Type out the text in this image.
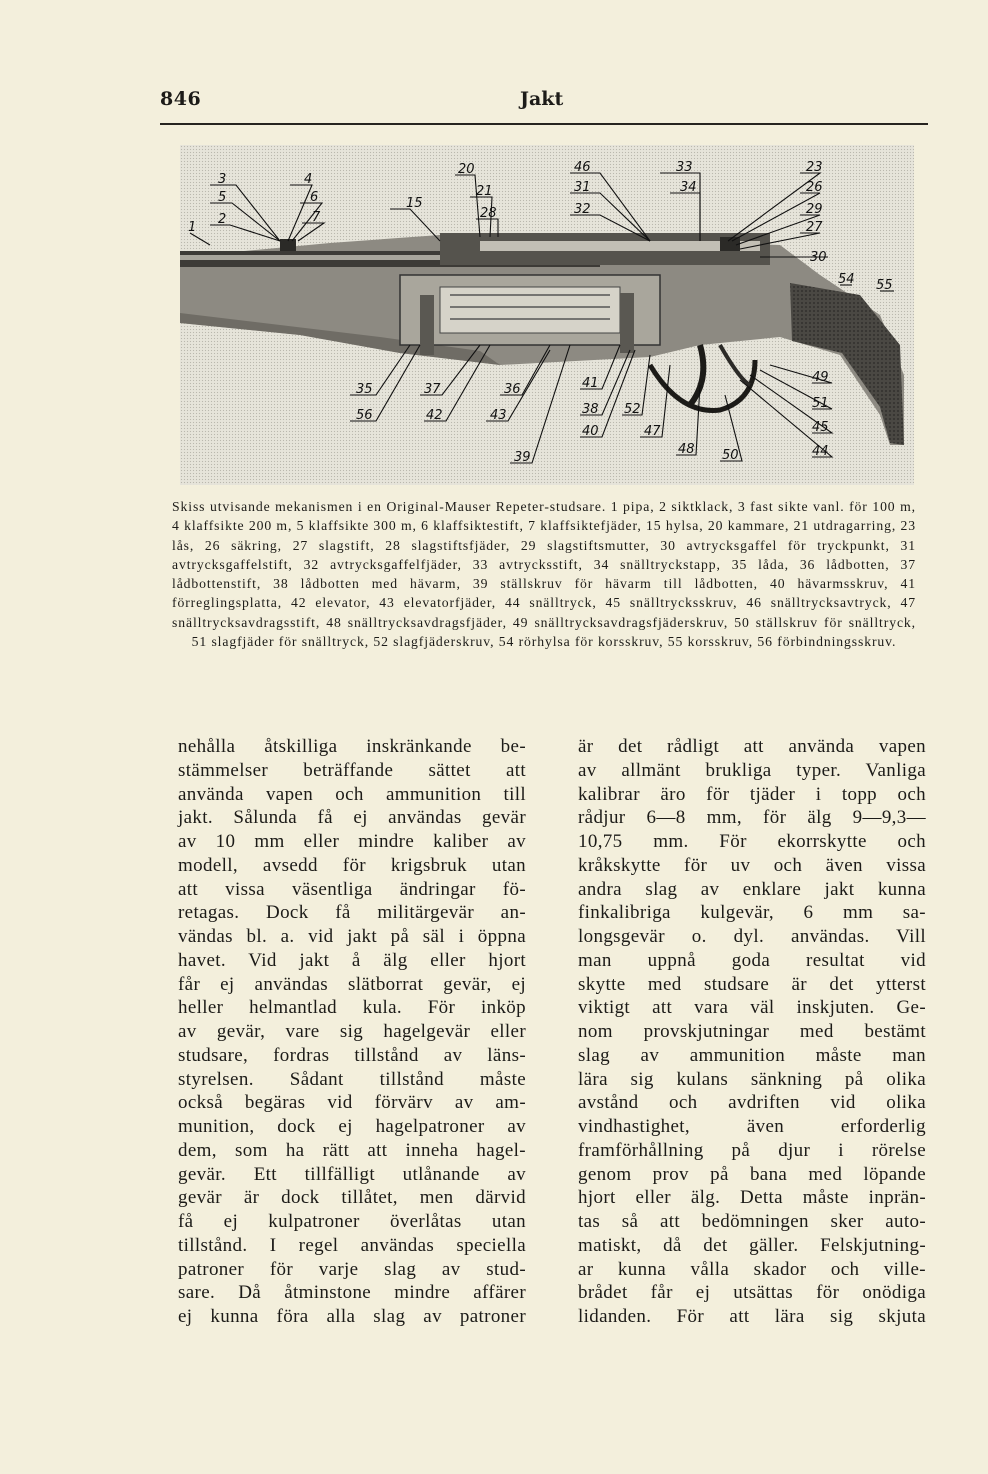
846	Jakt
3
5
2
1
4
6
7
15
20
21
28
46
31
32
33
34
23
26
29
27
30
54 55
35
56
37
42
36
43
39
41
38
40
52
47
48 50
49
51
45
44
Skiss utvisande mekanismen i en Original-Mauser Repeter-studsare. 1 pipa, 2 siktklack, 3 fast sikte vanl. för 100 m, 4 klaffsikte 200 m, 5 klaffsikte 300 m, 6 klaffsiktestift, 7 klaffsiktefjäder, 15 hylsa, 20 kammare, 21 utdragarring, 23 lås, 26 säkring, 27 slagstift, 28 slagstiftsfjäder, 29 slagstiftsmutter, 30 avtrycksgaffel för tryckpunkt, 31 avtrycksgaffelstift, 32 avtrycksgaffelfjäder, 33 avtrycksstift, 34 snälltryckstapp, 35 låda, 36 lådbotten, 37 lådbottenstift, 38 lådbotten med hävarm, 39 ställskruv för hävarm till lådbotten, 40 hävarmsskruv, 41 förreglingsplatta, 42 elevator, 43 elevatorfjäder, 44 snälltryck, 45 snälltrycksskruv, 46 snälltrycksavtryck, 47 snälltrycksavdragsstift, 48 snälltrycksavdragsfjäder, 49 snälltrycksavdragsfjäderskruv, 50 ställskruv för snälltryck, 51 slagfjäder för snälltryck, 52 slagfjäderskruv, 54 rörhylsa för korsskruv, 55 korsskruv, 56 förbindningsskruv.

nehålla åtskilliga inskränkande be-
stämmelser beträffande sättet att
använda vapen och ammunition till
jakt. Sålunda få ej användas gevär
av 10 mm eller mindre kaliber av
modell, avsedd för krigsbruk utan
att vissa väsentliga ändringar fö-
retagas. Dock få militärgevär an-
vändas bl. a. vid jakt på säl i öppna
havet. Vid jakt å älg eller hjort
får ej användas slätborrat gevär, ej
heller helmantlad kula. För inköp
av gevär, vare sig hagelgevär eller
studsare, fordras tillstånd av läns-
styrelsen. Sådant tillstånd måste
också begäras vid förvärv av am-
munition, dock ej hagelpatroner av
dem, som ha rätt att inneha hagel-
gevär. Ett tillfälligt utlånande av
gevär är dock tillåtet, men därvid
få ej kulpatroner överlåtas utan
tillstånd. I regel användas speciella
patroner för varje slag av stud-
sare. Då åtminstone mindre affärer
ej kunna föra alla slag av patroner

är det rådligt att använda vapen
av allmänt brukliga typer. Vanliga
kalibrar äro för tjäder i topp och
rådjur 6—8 mm, för älg 9—9,3—
10,75 mm. För ekorrskytte och
kråkskytte för uv och även vissa
andra slag av enklare jakt kunna
finkalibriga kulgevär, 6 mm sa-
longsgevär o. dyl. användas. Vill
man uppnå goda resultat vid
skytte med studsare är det ytterst
viktigt att vara väl inskjuten. Ge-
nom provskjutningar med bestämt
slag av ammunition måste man
lära sig kulans sänkning på olika
avstånd och avdriften vid olika
vindhastighet, även erforderlig
framförhållning på djur i rörelse
genom prov på bana med löpande
hjort eller älg. Detta måste inprän-
tas så att bedömningen sker auto-
matiskt, då det gäller. Felskjutning-
ar kunna vålla skador och ville-
brådet får ej utsättas för onödiga
lidanden. För att lära sig skjuta
